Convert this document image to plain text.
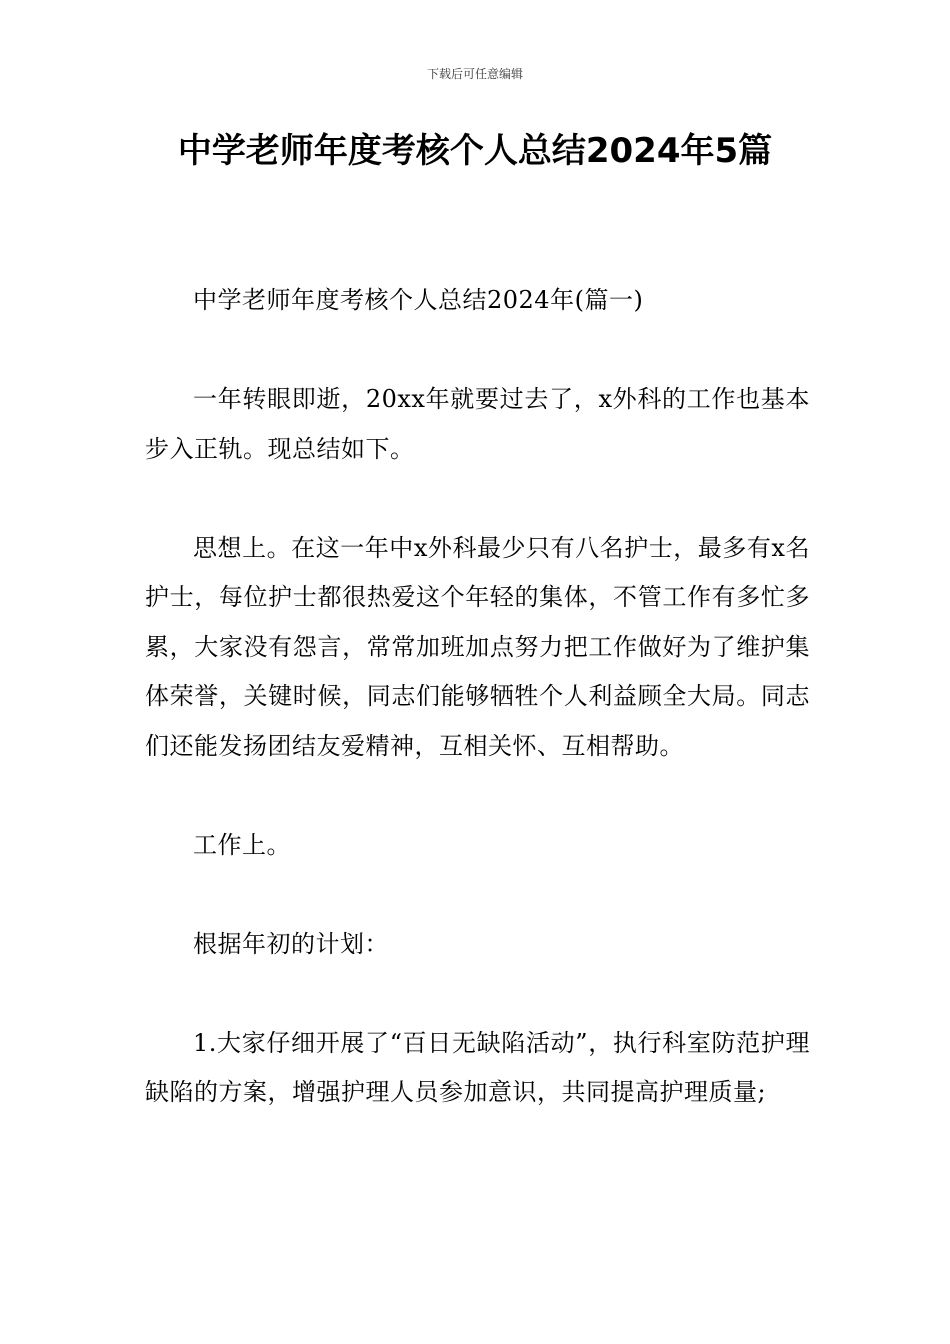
下载后可任意编辑
中学老师年度考核个人总结2024年5篇

中学老师年度考核个人总结2024年(篇一)

一年转眼即逝，20xx年就要过去了，x外科的工作也基本步入正轨。现总结如下。

思想上。在这一年中x外科最少只有八名护士，最多有x名护士，每位护士都很热爱这个年轻的集体，不管工作有多忙多累，大家没有怨言，常常加班加点努力把工作做好为了维护集体荣誉，关键时候，同志们能够牺牲个人利益顾全大局。同志们还能发扬团结友爱精神，互相关怀、互相帮助。

工作上。

根据年初的计划：

1.大家仔细开展了“百日无缺陷活动”，执行科室防范护理缺陷的方案，增强护理人员参加意识，共同提高护理质量;
